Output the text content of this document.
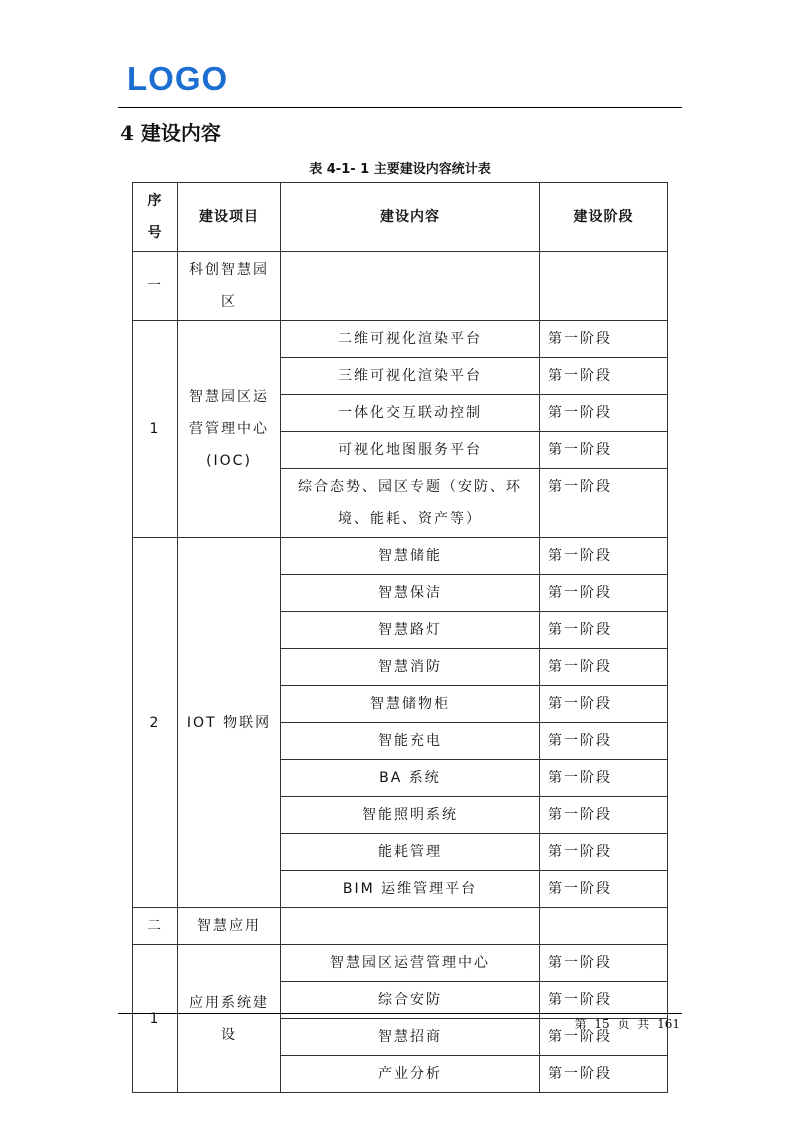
LOGO
4 建设内容
表 4-1- 1 主要建设内容统计表
序号	建设项目	建设内容	建设阶段
一	科创智慧园区		
1	智慧园区运营管理中心(IOC)	二维可视化渲染平台	第一阶段
		三维可视化渲染平台	第一阶段
		一体化交互联动控制	第一阶段
		可视化地图服务平台	第一阶段
		综合态势、园区专题（安防、环境、能耗、资产等）	第一阶段
2	IOT 物联网	智慧储能	第一阶段
		智慧保洁	第一阶段
		智慧路灯	第一阶段
		智慧消防	第一阶段
		智慧储物柜	第一阶段
		智能充电	第一阶段
		BA 系统	第一阶段
		智能照明系统	第一阶段
		能耗管理	第一阶段
		BIM 运维管理平台	第一阶段
二	智慧应用		
1	应用系统建设	智慧园区运营管理中心	第一阶段
		综合安防	第一阶段
		智慧招商	第一阶段
		产业分析	第一阶段
第 15 页 共 161
